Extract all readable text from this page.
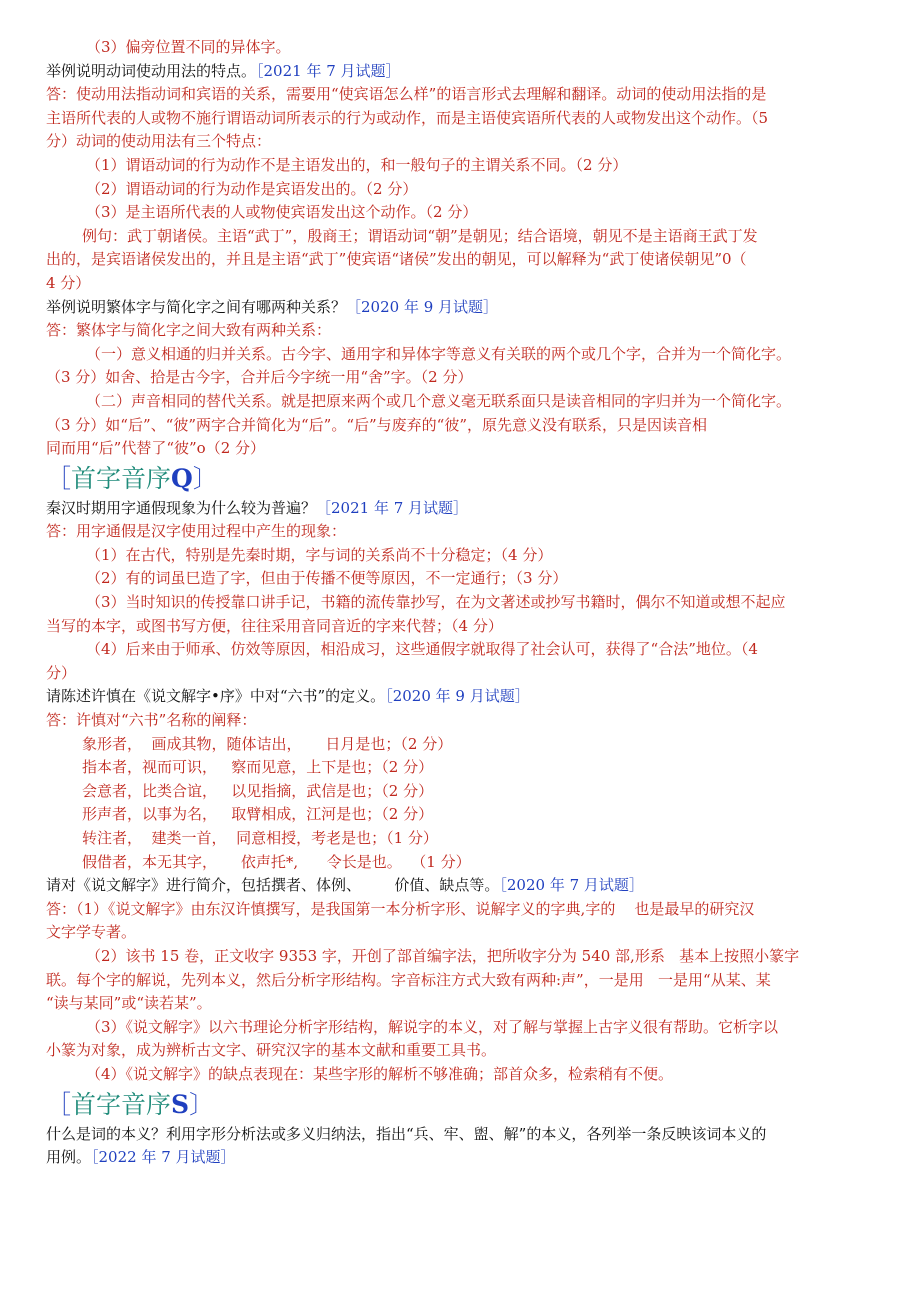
（3）偏旁位置不同的异体字。
举例说明动词使动用法的特点。［2021 年 7 月试题］
答：使动用法指动词和宾语的关系，需要用“使宾语怎么样”的语言形式去理解和翻译。动词的使动用法指的是
主语所代表的人或物不施行谓语动词所表示的行为或动作，而是主语使宾语所代表的人或物发出这个动作。（5
分）动词的使动用法有三个特点：
（1）谓语动词的行为动作不是主语发出的，和一般句子的主谓关系不同。（2 分）
（2）谓语动词的行为动作是宾语发出的。（2 分）
（3）是主语所代表的人或物使宾语发出这个动作。（2 分）
例句：武丁朝诸侯。主语“武丁”，殷商王；谓语动词“朝”是朝见；结合语境，朝见不是主语商王武丁发
出的，是宾语诸侯发出的，并且是主语“武丁”使宾语“诸侯”发出的朝见，可以解释为“武丁使诸侯朝见”0（
4 分）
举例说明繁体字与简化字之间有哪两种关系？［2020 年 9 月试题］
答：繁体字与简化字之间大致有两种关系：
（一）意义相通的归并关系。古今字、通用字和异体字等意义有关联的两个或几个字，合并为一个简化字。
（3 分）如舍、拾是古今字，合并后今字统一用“舍”字。（2 分）
（二）声音相同的替代关系。就是把原来两个或几个意义毫无联系面只是读音相同的字归并为一个简化字。
（3 分）如“后”、“彼”两字合并简化为“后”。“后”与废弃的“彼”，原先意义没有联系，只是因读音相
同而用“后”代替了“彼”o（2 分）
［首字音序Q〕
秦汉时期用字通假现象为什么较为普遍？［2021 年 7 月试题］
答：用字通假是汉字使用过程中产生的现象：
（1）在古代，特别是先秦时期，字与词的关系尚不十分稳定；（4 分）
（2）有的词虽巳造了字，但由于传播不便等原因，不一定通行；（3 分）
（3）当时知识的传授靠口讲手记，书籍的流传靠抄写，在为文著述或抄写书籍时，偶尔不知道或想不起应
当写的本字，或图书写方便，往往采用音同音近的字来代替；（4 分）
（4）后来由于师承、仿效等原因，相沿成习，这些通假字就取得了社会认可，获得了“合法”地位。（4
分）
请陈述许慎在《说文解字•序》中对“六书”的定义。［2020 年 9 月试题］
答：许慎对“六书”名称的阐释：
象形者，  画成其物，随体诘出，     日月是也；（2 分）
指本者，视而可识，   察而见意，上下是也；（2 分）
会意者，比类合谊，   以见指摘，武信是也；（2 分）
形声者，以事为名，   取臂相成，江河是也；（2 分）
转注者，  建类一首，  同意相授，考老是也；（1 分）
假借者，本无其字，     依声托*,      令长是也。  （1 分）
请对《说文解字》进行简介，包括撰者、体例、       价值、缺点等。［2020 年 7 月试题］
答：（1）《说文解字》由东汉许慎撰写，是我国第一本分析字形、说解字义的字典,字的    也是最早的研究汉
文字学专著。
（2）该书 15 卷，正文收字 9353 字，开创了部首编字法，把所收字分为 540 部,形系   基本上按照小篆字
联。每个字的解说，先列本义，然后分析字形结构。字音标注方式大致有两种:声”，一是用   一是用“从某、某
“读与某同”或“读若某”。
（3）《说文解字》以六书理论分析字形结构，解说字的本义，对了解与掌握上古字义很有帮助。它析字以
小篆为对象，成为辨析古文字、研究汉字的基本文献和重要工具书。
（4）《说文解字》的缺点表现在：某些字形的解析不够准确；部首众多，检索稍有不便。
［首字音序S〕
什么是词的本义？利用字形分析法或多义归纳法，指出“兵、牢、盥、解”的本义，各列举一条反映该词本义的
用例。［2022 年 7 月试题］
